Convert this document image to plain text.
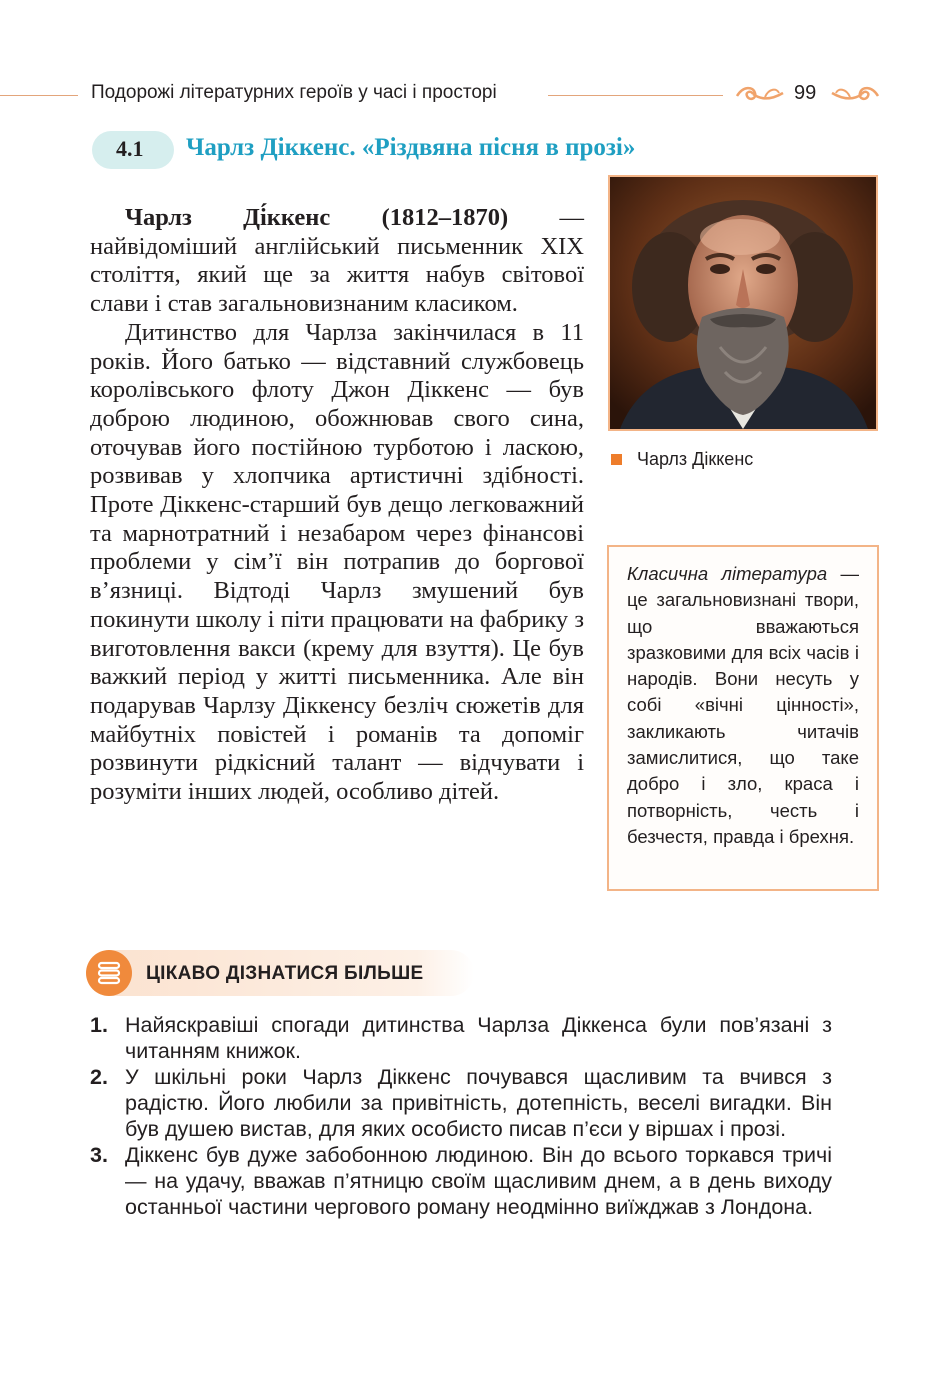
Подорожі літературних героїв у часі і просторі	99
4.1 Чарлз Діккенс. «Різдвяна пісня в прозі»
Чарлз Діккенс

Чарлз Ді́ккенс (1812–1870) — найвідоміший англійський письменник XIX століття, який ще за життя набув світової слави і став загальновизнаним класиком.

Дитинство для Чарлза закінчилася в 11 років. Його батько — відставний службовець королівського флоту Джон Діккенс — був доброю людиною, обожнював свого сина, оточував його постійною турботою і ласкою, розвивав у хлопчика артистичні здібності. Проте Діккенс-старший був дещо легковажний та марнотратний і незабаром через фінансові проблеми у сім’ї він потрапив до боргової в’язниці. Відтоді Чарлз змушений був покинути школу і піти працювати на фабрику з виготовлення вакси (крему для взуття). Це був важкий період у житті письменника. Але він подарував Чарлзу Діккенсу безліч сюжетів для майбутніх повістей і романів та допоміг розвинути рідкісний талант — відчувати і розуміти інших людей, особливо дітей.

Класична література — це загальновизнані твори, що вважаються зразковими для всіх часів і народів. Вони несуть у собі «вічні цінності», закликають читачів замислитися, що таке добро і зло, краса і потворність, честь і безчестя, правда і брехня.
ЦІКАВО ДІЗНАТИСЯ БІЛЬШЕ
1. Найяскравіші спогади дитинства Чарлза Діккенса були пов’язані з читанням книжок.
2. У шкільні роки Чарлз Діккенс почувався щасливим та вчився з радістю. Його любили за привітність, дотепність, веселі вигадки. Він був душею вистав, для яких особисто писав п’єси у віршах і прозі.
3. Діккенс був дуже забобонною людиною. Він до всього торкався тричі — на удачу, вважав п’ятницю своїм щасливим днем, а в день виходу останньої частини чергового роману неодмінно виїжджав з Лондона.
